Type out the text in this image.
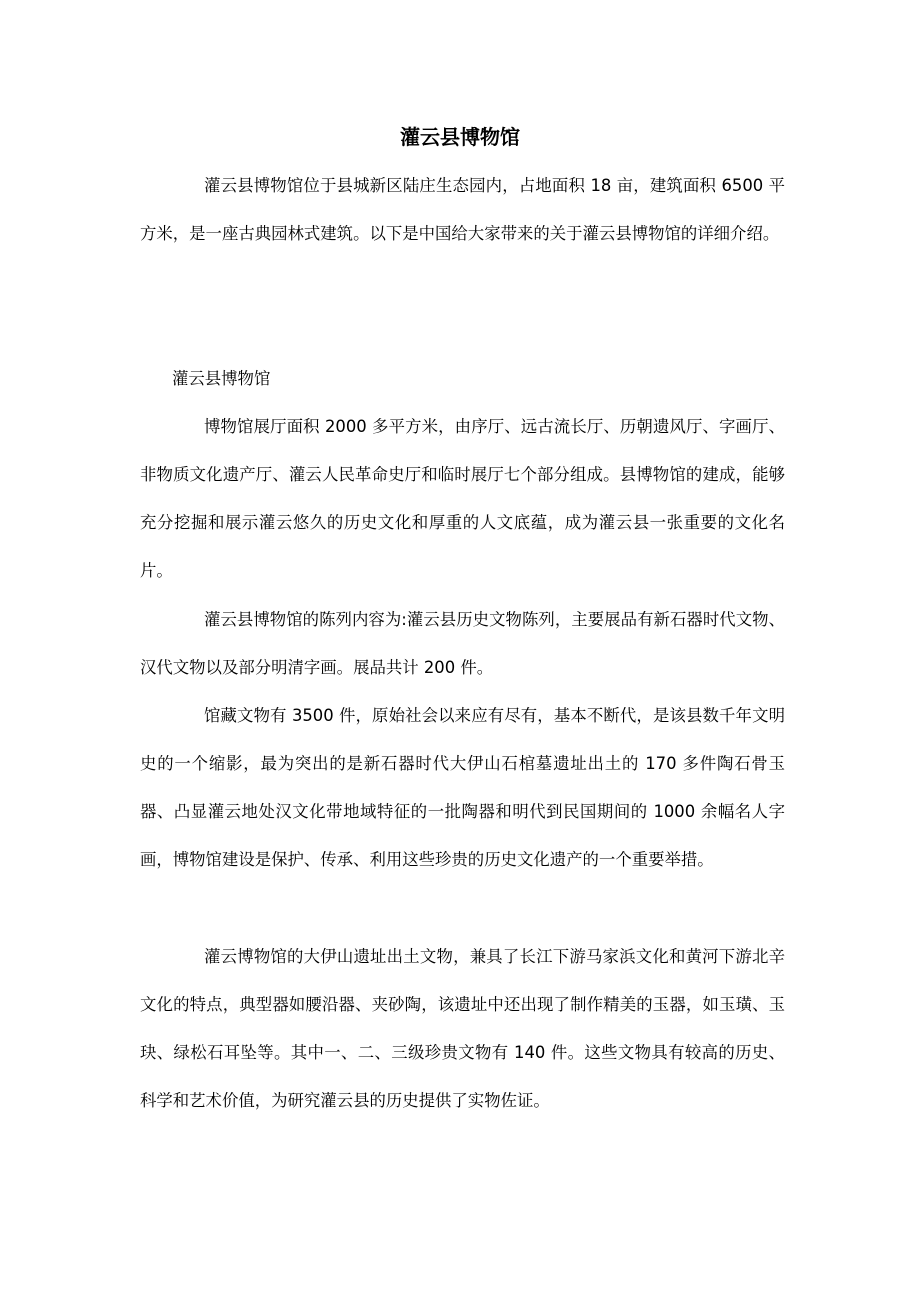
灌云县博物馆

灌云县博物馆位于县城新区陆庄生态园内，占地面积 18 亩，建筑面积 6500 平方米，是一座古典园林式建筑。以下是中国给大家带来的关于灌云县博物馆的详细介绍。

灌云县博物馆

博物馆展厅面积 2000 多平方米，由序厅、远古流长厅、历朝遗风厅、字画厅、非物质文化遗产厅、灌云人民革命史厅和临时展厅七个部分组成。县博物馆的建成，能够充分挖掘和展示灌云悠久的历史文化和厚重的人文底蕴，成为灌云县一张重要的文化名片。

灌云县博物馆的陈列内容为:灌云县历史文物陈列，主要展品有新石器时代文物、汉代文物以及部分明清字画。展品共计 200 件。

馆藏文物有 3500 件，原始社会以来应有尽有，基本不断代，是该县数千年文明史的一个缩影，最为突出的是新石器时代大伊山石棺墓遗址出土的 170 多件陶石骨玉器、凸显灌云地处汉文化带地域特征的一批陶器和明代到民国期间的 1000 余幅名人字画，博物馆建设是保护、传承、利用这些珍贵的历史文化遗产的一个重要举措。

灌云博物馆的大伊山遗址出土文物，兼具了长江下游马家浜文化和黄河下游北辛文化的特点，典型器如腰沿器、夹砂陶，该遗址中还出现了制作精美的玉器，如玉璜、玉玦、绿松石耳坠等。其中一、二、三级珍贵文物有 140 件。这些文物具有较高的历史、科学和艺术价值，为研究灌云县的历史提供了实物佐证。
